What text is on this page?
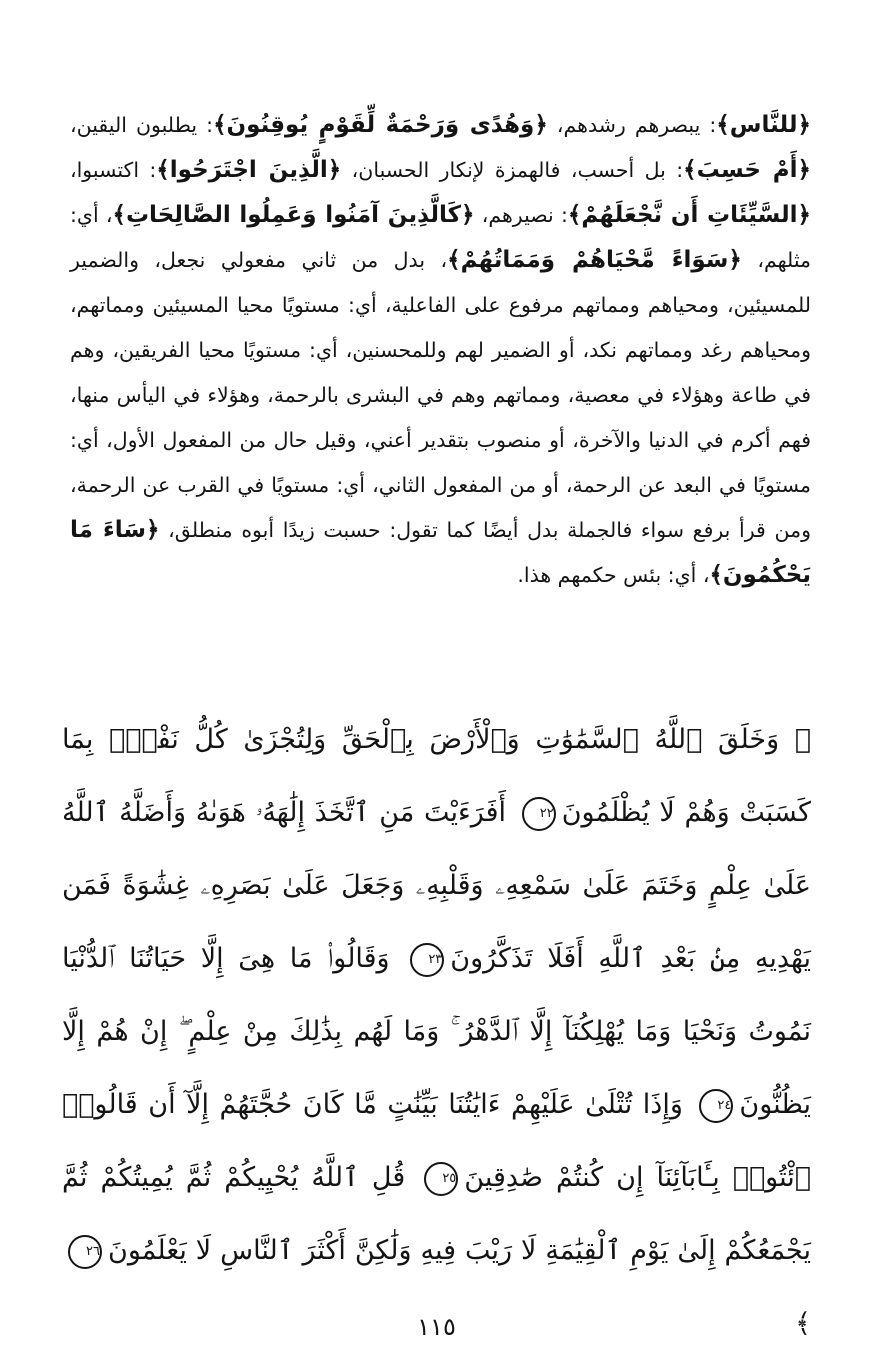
﴿للنَّاس﴾: يبصرهم رشدهم، ﴿وَهُدًى وَرَحْمَةٌ لِّقَوْمٍ يُوقِنُونَ﴾: يطلبون اليقين، ﴿أَمْ حَسِبَ﴾: بل أحسب، فالهمزة لإنكار الحسبان، ﴿الَّذِينَ اجْتَرَحُوا﴾: اكتسبوا، ﴿السَّيِّئَاتِ أَن نَّجْعَلَهُمْ﴾: نصيرهم، ﴿كَالَّذِينَ آمَنُوا وَعَمِلُوا الصَّالِحَاتِ﴾، أي: مثلهم، ﴿سَوَاءً مَّحْيَاهُمْ وَمَمَاتُهُمْ﴾، بدل من ثاني مفعولي نجعل، والضمير للمسيئين، ومحياهم ومماتهم مرفوع على الفاعلية، أي: مستويًا محيا المسيئين ومماتهم، ومحياهم رغد ومماتهم نكد، أو الضمير لهم وللمحسنين، أي: مستويًا محيا الفريقين، وهم في طاعة وهؤلاء في معصية، ومماتهم وهم في البشرى بالرحمة، وهؤلاء في اليأس منها، فهم أكرم في الدنيا والآخرة، أو منصوب بتقدير أعني، وقيل حال من المفعول الأول، أي: مستويًا في البعد عن الرحمة، أو من المفعول الثاني، أي: مستويًا في القرب عن الرحمة، ومن قرأ برفع سواء فالجملة بدل أيضًا كما تقول: حسبت زيدًا أبوه منطلق، ﴿سَاءَ مَا يَحْكُمُونَ﴾، أي: بئس حكمهم هذا.

﴿ وَخَلَقَ ٱللَّهُ ٱلسَّمَٰوَٰتِ وَٱلْأَرْضَ بِٱلْحَقِّ وَلِتُجْزَىٰ كُلُّ نَفْسٍۭ بِمَا كَسَبَتْ وَهُمْ لَا يُظْلَمُونَ٢٢ أَفَرَءَيْتَ مَنِ ٱتَّخَذَ إِلَٰهَهُۥ هَوَىٰهُ وَأَضَلَّهُ ٱللَّهُ عَلَىٰ عِلْمٍ وَخَتَمَ عَلَىٰ سَمْعِهِۦ وَقَلْبِهِۦ وَجَعَلَ عَلَىٰ بَصَرِهِۦ غِشَٰوَةً فَمَن يَهْدِيهِ مِنۢ بَعْدِ ٱللَّهِ أَفَلَا تَذَكَّرُونَ٢٣ وَقَالُوا۟ مَا هِىَ إِلَّا حَيَاتُنَا ٱلدُّنْيَا نَمُوتُ وَنَحْيَا وَمَا يُهْلِكُنَآ إِلَّا ٱلدَّهْرُ ۚ وَمَا لَهُم بِذَٰلِكَ مِنْ عِلْمٍ ۖ إِنْ هُمْ إِلَّا يَظُنُّونَ٢٤ وَإِذَا تُتْلَىٰ عَلَيْهِمْ ءَايَٰتُنَا بَيِّنَٰتٍ مَّا كَانَ حُجَّتَهُمْ إِلَّآ أَن قَالُوا۟ ٱئْتُوا۟ بِـَٔابَآئِنَآ إِن كُنتُمْ صَٰدِقِينَ٢٥ قُلِ ٱللَّهُ يُحْيِيكُمْ ثُمَّ يُمِيتُكُمْ ثُمَّ يَجْمَعُكُمْ إِلَىٰ يَوْمِ ٱلْقِيَٰمَةِ لَا رَيْبَ فِيهِ وَلَٰكِنَّ أَكْثَرَ ٱلنَّاسِ لَا يَعْلَمُونَ٢٦﴾

١١٥
